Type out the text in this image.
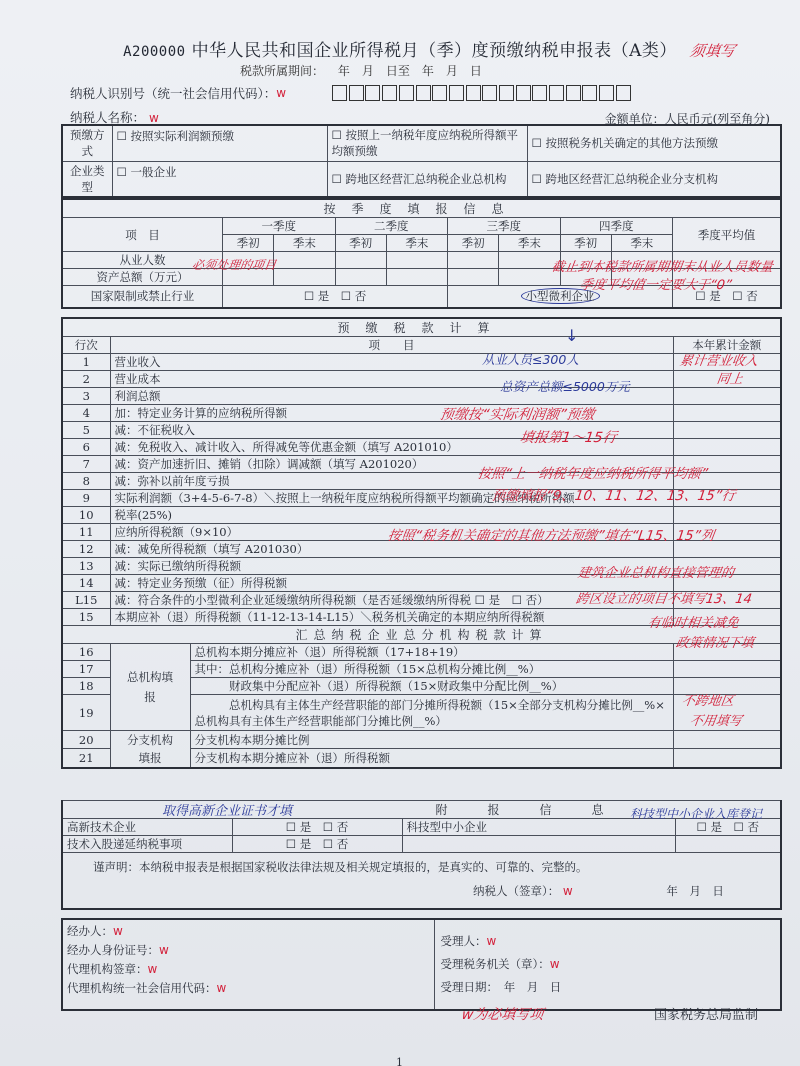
A200000 中华人民共和国企业所得税月（季）度预缴纳税申报表（A类） 须填写
税款所属期间： 年　月　日至　年　月　日
纳税人识别号（统一社会信用代码）： w
纳税人名称： w	金额单位：人民币元(列至角分)
预缴方式	☐ 按照实际利润额预缴	☐ 按照上一纳税年度应纳税所得额平均额预缴	☐ 按照税务机关确定的其他方法预缴
企业类型	☐ 一般企业	☐ 跨地区经营汇总纳税企业总机构	☐ 跨地区经营汇总纳税企业分支机构
按季度填报信息									
项　目	一季度		二季度		三季度		四季度		季度平均值
	季初	季末	季初	季末	季初	季末	季初	季末	
从业人数									
资产总额（万元）									
国家限制或禁止行业	☐ 是　 ☐ 否				小型微利企业				☐ 是　 ☐ 否
预缴税款计算			
行次	项　　目		本年累计金额
1	营业收入		
2	营业成本		
3	利润总额		
4	加：特定业务计算的应纳税所得额		
5	减：不征税收入		
6	减：免税收入、减计收入、所得减免等优惠金额（填写 A201010）		
7	减：资产加速折旧、摊销（扣除）调减额（填写 A201020）		
8	减：弥补以前年度亏损		
9	实际利润额（3+4-5-6-7-8）＼按照上一纳税年度应纳税所得额平均额确定的应纳税所得额		
10	税率(25%)		
11	应纳所得税额（9×10）		
12	减：减免所得税额（填写 A201030）		
13	减：实际已缴纳所得税额		
14	减：特定业务预缴（征）所得税额		
L15	减：符合条件的小型微利企业延缓缴纳所得税额（是否延缓缴纳所得税 ☐ 是　☐ 否）		
15	本期应补（退）所得税额（11-12-13-14-L15）＼税务机关确定的本期应纳所得税额		
汇总纳税企业总分机构税款计算			
16	总机构填报	总机构本期分摊应补（退）所得税额（17+18+19）	
17		其中：总机构分摊应补（退）所得税额（15×总机构分摊比例__%）	
18		　　　财政集中分配应补（退）所得税额（15×财政集中分配比例__%）	
19		　　　总机构具有主体生产经营职能的部门分摊所得税额（15×全部分支机构分摊比例__%×总机构具有主体生产经营职能部门分摊比例__%）	
20	分支机构填报	分支机构本期分摊比例	
21		分支机构本期分摊应补（退）所得税额	
附报信息			
高新技术企业	☐ 是　 ☐ 否	科技型中小企业	☐ 是　 ☐ 否
技术入股递延纳税事项	☐ 是　 ☐ 否		

谨声明：本纳税申报表是根据国家税收法律法规及相关规定填报的，是真实的、可靠的、完整的。
纳税人（签章）： w 年　月　日			
经办人：w
经办人身份证号：w
代理机构签章：w
代理机构统一社会信用代码：w

受理人：w
受理税务机关（章）：w
受理日期：　年　月　日
国家税务总局监制
1
必须处理的项目	截止到本税款所属期期末从业人员数量
季度平均值一定要大于“0”
↓
从业人员≤300人
总资产总额≤5000万元
预缴按“实际利润额”预缴
填报第1～15行
累计营业收入
同上
按照“上一纳税年度应纳税所得平均额”
预缴填报“9、10、11、12、13、15”行
按照“税务机关确定的其他方法预缴”填在“L15、15”列
建筑企业总机构直接管理的
跨区设立的项目不填写13、14
有临时相关减免
政策情况下填
不跨地区
不用填写
取得高新企业证书才填	科技型中小企业入库登记
w为必填写项
